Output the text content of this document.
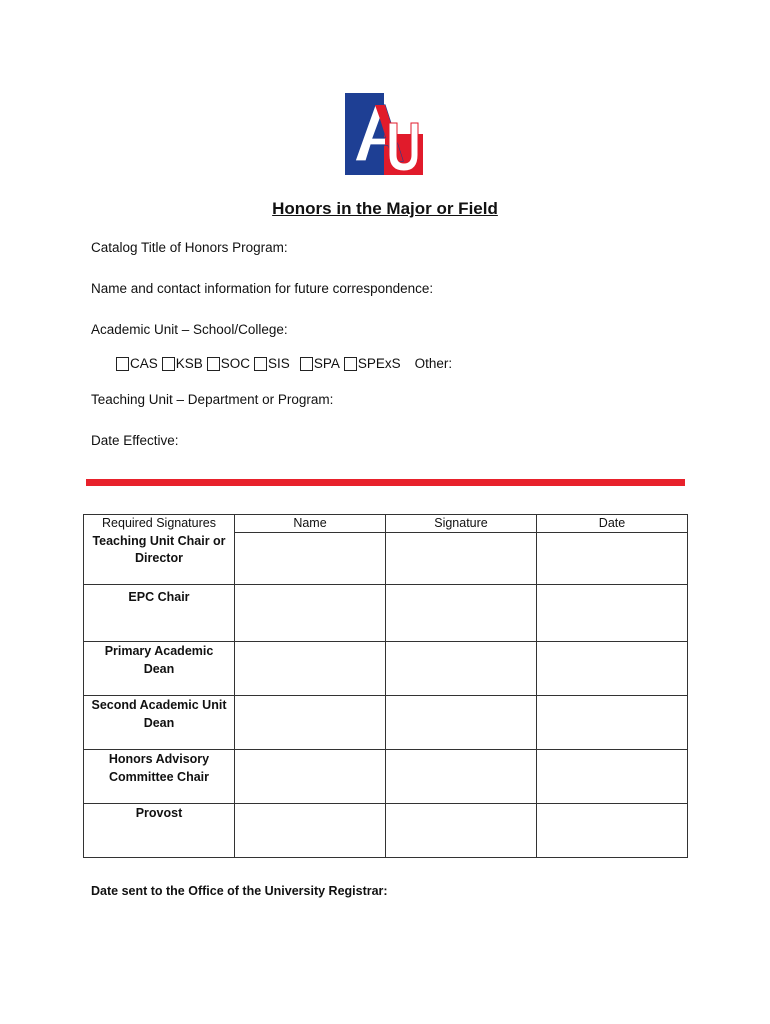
Honors in the Major or Field
Catalog Title of Honors Program:
Name and contact information for future correspondence:
Academic Unit – School/College:
CAS KSB SOC SIS SPA SPExS Other:
Teaching Unit – Department or Program:
Date Effective:
Required Signatures	Name	Signature	Date
Teaching Unit Chair or
Director			
EPC Chair			
Primary Academic
Dean			
Second Academic Unit
Dean			
Honors Advisory
Committee Chair			
Provost			
Date sent to the Office of the University Registrar:
